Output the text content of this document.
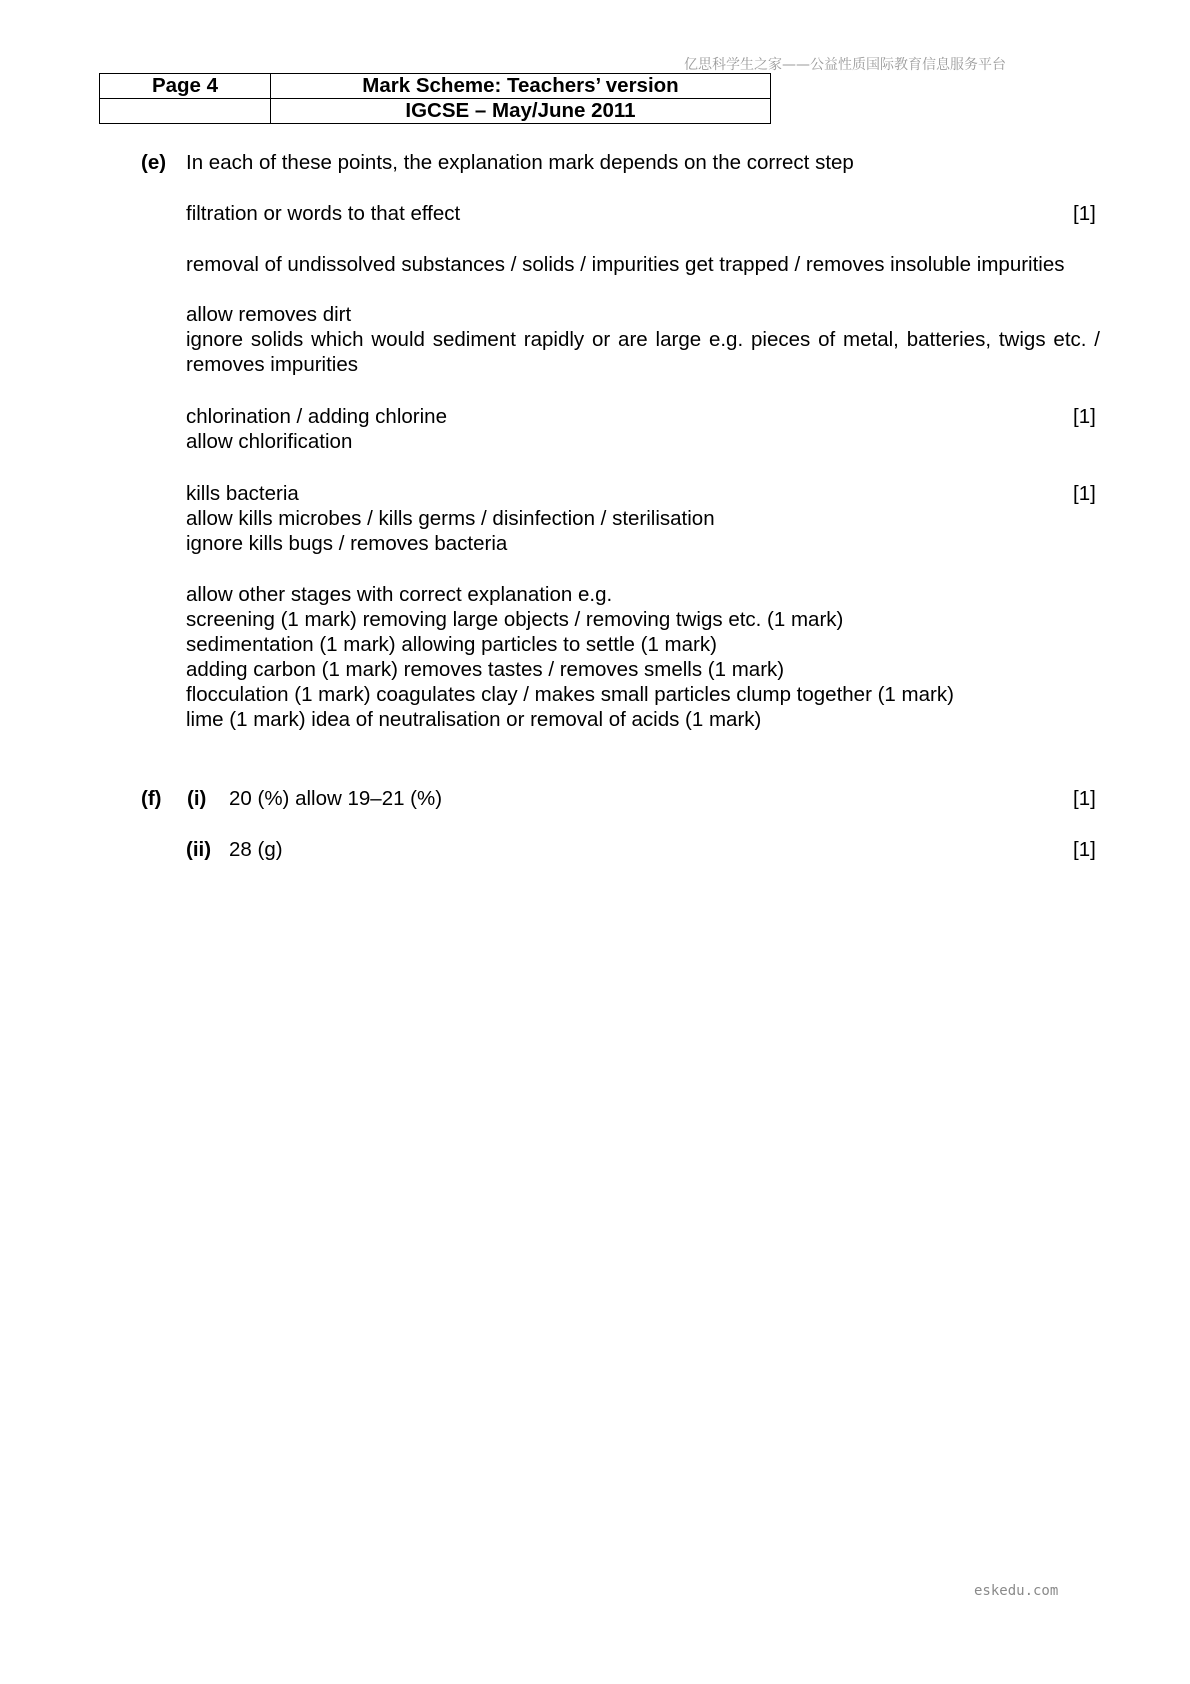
亿思科学生之家——公益性质国际教育信息服务平台
Page 4	Mark Scheme: Teachers’ version
	IGCSE – May/June 2011
(e) In each of these points, the explanation mark depends on the correct step
filtration or words to that effect	[1]
removal of undissolved substances / solids / impurities get trapped / removes insoluble impurities
allow removes dirt
ignore solids which would sediment rapidly or are large e.g. pieces of metal, batteries, twigs etc. / removes impurities
chlorination / adding chlorine	[1]
allow chlorification
kills bacteria	[1]
allow kills microbes / kills germs / disinfection / sterilisation
ignore kills bugs / removes bacteria
allow other stages with correct explanation e.g.
screening (1 mark) removing large objects / removing twigs etc. (1 mark)
sedimentation (1 mark) allowing particles to settle (1 mark)
adding carbon (1 mark) removes tastes / removes smells (1 mark)
flocculation (1 mark) coagulates clay / makes small particles clump together (1 mark)
lime (1 mark) idea of neutralisation or removal of acids (1 mark)
(f) (i) 20 (%) allow 19–21 (%)	[1]
(ii) 28 (g)	[1]
eskedu.com
